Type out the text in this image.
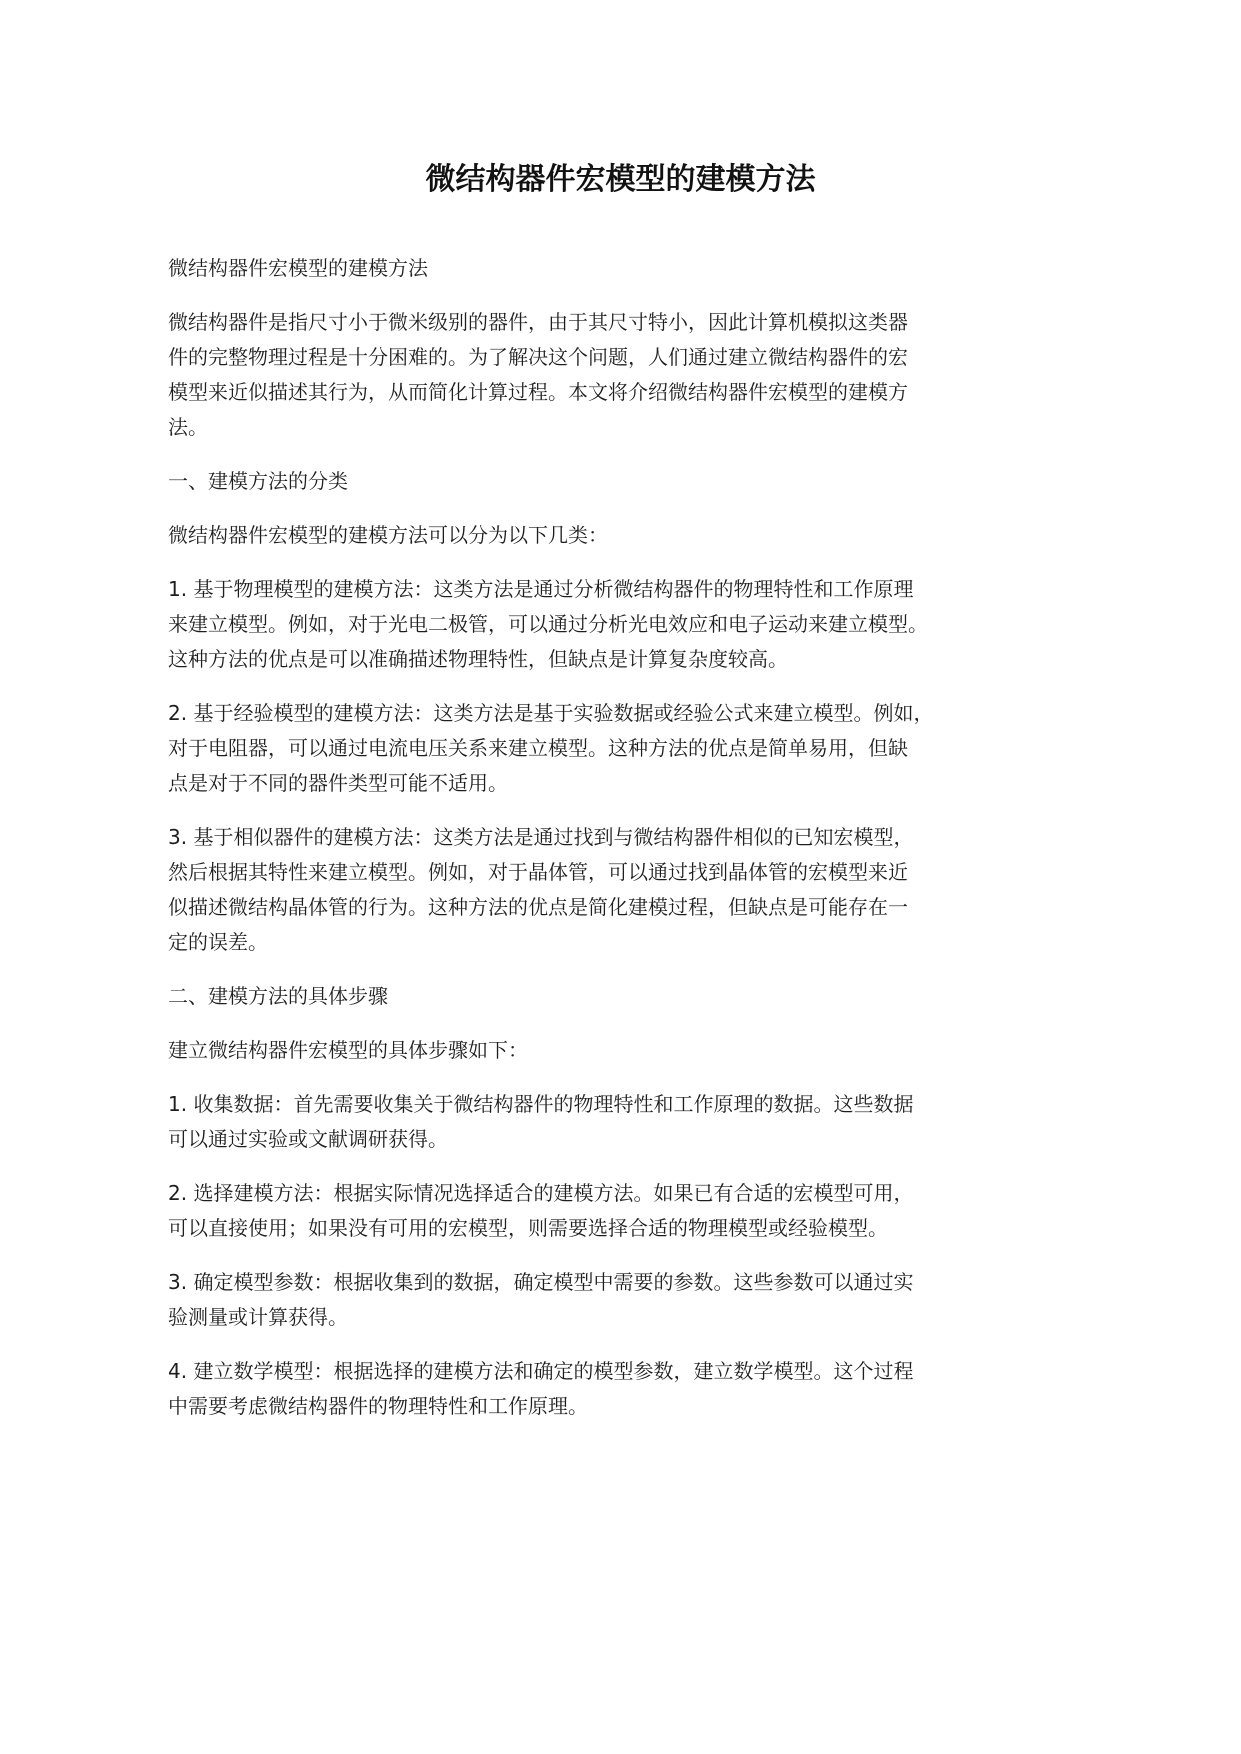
微结构器件宏模型的建模方法
微结构器件宏模型的建模方法
微结构器件是指尺寸小于微米级别的器件，由于其尺寸特小，因此计算机模拟这类器
件的完整物理过程是十分困难的。为了解决这个问题，人们通过建立微结构器件的宏
模型来近似描述其行为，从而简化计算过程。本文将介绍微结构器件宏模型的建模方
法。
一、建模方法的分类
微结构器件宏模型的建模方法可以分为以下几类：
1. 基于物理模型的建模方法：这类方法是通过分析微结构器件的物理特性和工作原理
来建立模型。例如，对于光电二极管，可以通过分析光电效应和电子运动来建立模型。
这种方法的优点是可以准确描述物理特性，但缺点是计算复杂度较高。
2. 基于经验模型的建模方法：这类方法是基于实验数据或经验公式来建立模型。例如，
对于电阻器，可以通过电流电压关系来建立模型。这种方法的优点是简单易用，但缺
点是对于不同的器件类型可能不适用。
3. 基于相似器件的建模方法：这类方法是通过找到与微结构器件相似的已知宏模型，
然后根据其特性来建立模型。例如，对于晶体管，可以通过找到晶体管的宏模型来近
似描述微结构晶体管的行为。这种方法的优点是简化建模过程，但缺点是可能存在一
定的误差。
二、建模方法的具体步骤
建立微结构器件宏模型的具体步骤如下：
1. 收集数据：首先需要收集关于微结构器件的物理特性和工作原理的数据。这些数据
可以通过实验或文献调研获得。
2. 选择建模方法：根据实际情况选择适合的建模方法。如果已有合适的宏模型可用，
可以直接使用；如果没有可用的宏模型，则需要选择合适的物理模型或经验模型。
3. 确定模型参数：根据收集到的数据，确定模型中需要的参数。这些参数可以通过实
验测量或计算获得。
4. 建立数学模型：根据选择的建模方法和确定的模型参数，建立数学模型。这个过程
中需要考虑微结构器件的物理特性和工作原理。
